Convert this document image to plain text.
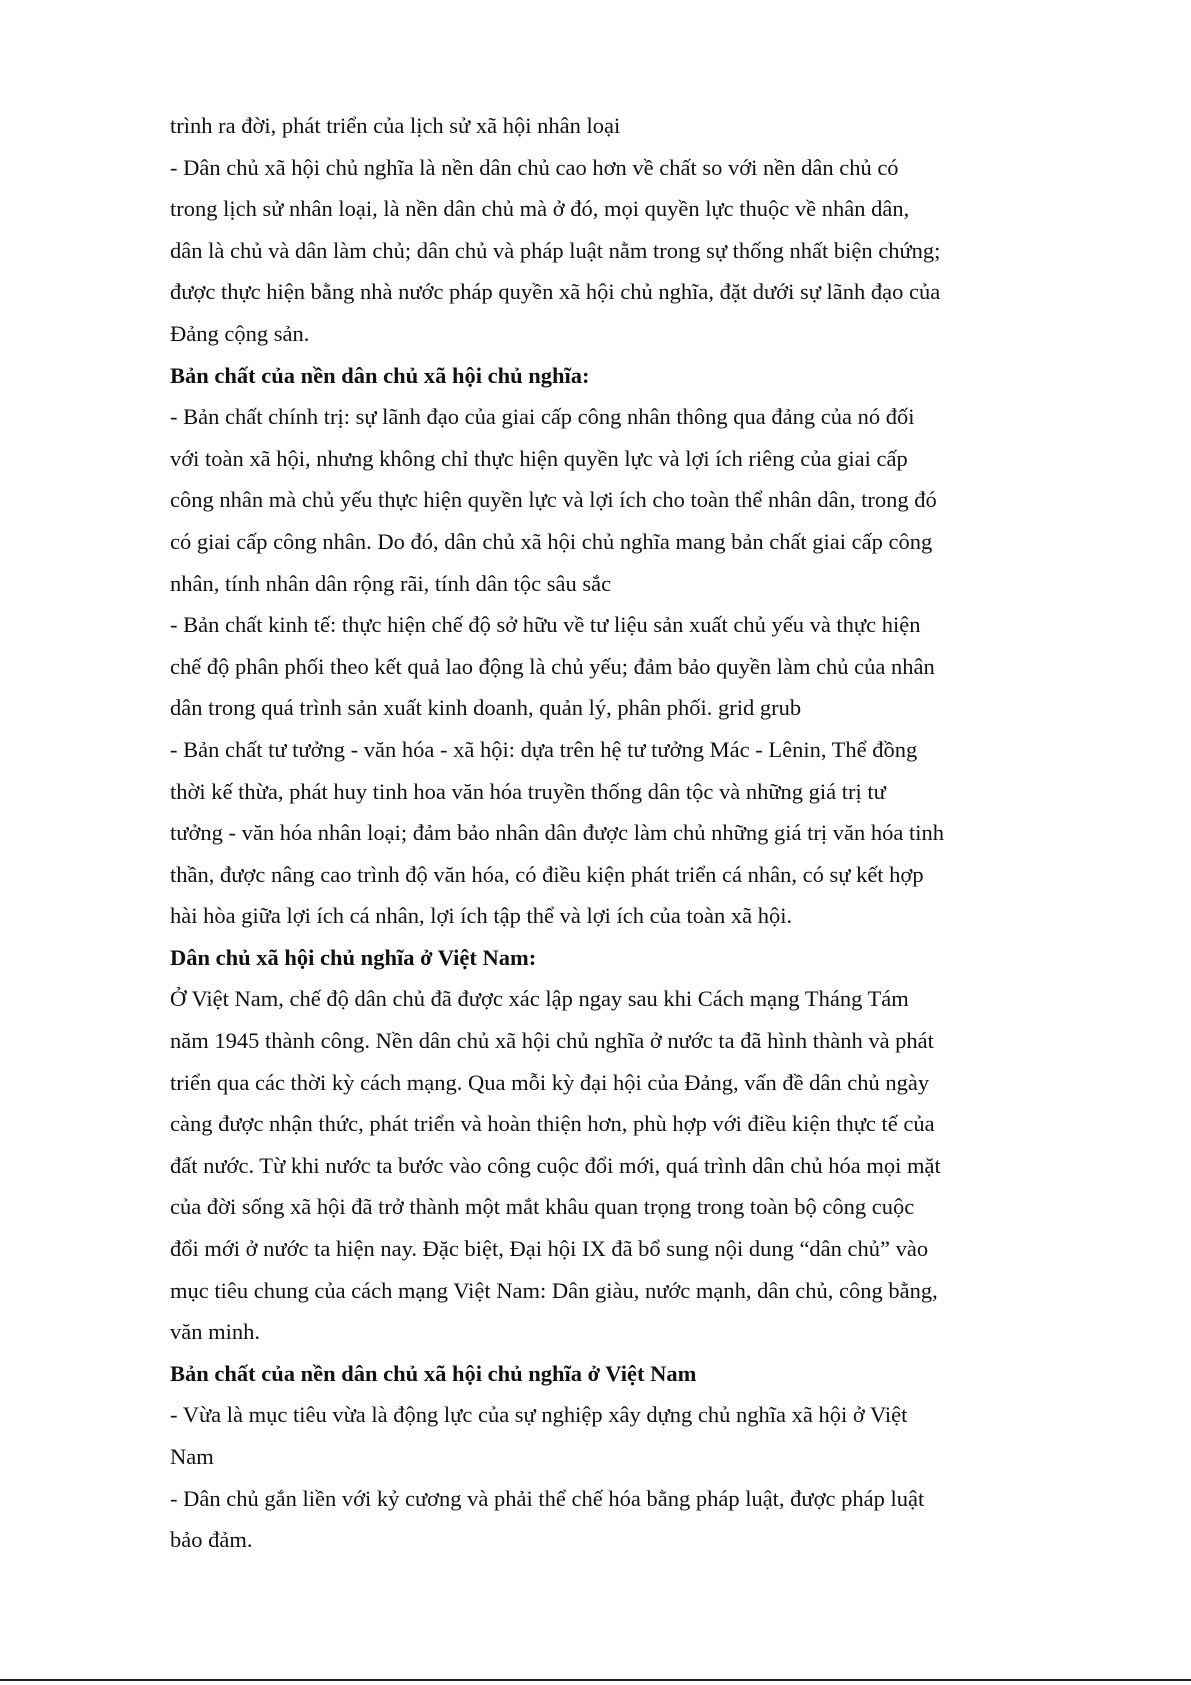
trình ra đời, phát triển của lịch sử xã hội nhân loại
- Dân chủ xã hội chủ nghĩa là nền dân chủ cao hơn về chất so với nền dân chủ có
trong lịch sử nhân loại, là nền dân chủ mà ở đó, mọi quyền lực thuộc về nhân dân,
dân là chủ và dân làm chủ; dân chủ và pháp luật nằm trong sự thống nhất biện chứng;
được thực hiện bằng nhà nước pháp quyền xã hội chủ nghĩa, đặt dưới sự lãnh đạo của
Đảng cộng sản.
Bản chất của nền dân chủ xã hội chủ nghĩa:
- Bản chất chính trị: sự lãnh đạo của giai cấp công nhân thông qua đảng của nó đối
với toàn xã hội, nhưng không chỉ thực hiện quyền lực và lợi ích riêng của giai cấp
công nhân mà chủ yếu thực hiện quyền lực và lợi ích cho toàn thể nhân dân, trong đó
có giai cấp công nhân. Do đó, dân chủ xã hội chủ nghĩa mang bản chất giai cấp công
nhân, tính nhân dân rộng rãi, tính dân tộc sâu sắc
- Bản chất kinh tế: thực hiện chế độ sở hữu về tư liệu sản xuất chủ yếu và thực hiện
chế độ phân phối theo kết quả lao động là chủ yếu; đảm bảo quyền làm chủ của nhân
dân trong quá trình sản xuất kinh doanh, quản lý, phân phối. grid grub
- Bản chất tư tưởng - văn hóa - xã hội: dựa trên hệ tư tưởng Mác - Lênin, Thể đồng
thời kế thừa, phát huy tinh hoa văn hóa truyền thống dân tộc và những giá trị tư
tưởng - văn hóa nhân loại; đảm bảo nhân dân được làm chủ những giá trị văn hóa tinh
thần, được nâng cao trình độ văn hóa, có điều kiện phát triển cá nhân, có sự kết hợp
hài hòa giữa lợi ích cá nhân, lợi ích tập thể và lợi ích của toàn xã hội.
Dân chủ xã hội chủ nghĩa ở Việt Nam:
Ở Việt Nam, chế độ dân chủ đã được xác lập ngay sau khi Cách mạng Tháng Tám
năm 1945 thành công. Nền dân chủ xã hội chủ nghĩa ở nước ta đã hình thành và phát
triển qua các thời kỳ cách mạng. Qua mỗi kỳ đại hội của Đảng, vấn đề dân chủ ngày
càng được nhận thức, phát triển và hoàn thiện hơn, phù hợp với điều kiện thực tế của
đất nước. Từ khi nước ta bước vào công cuộc đổi mới, quá trình dân chủ hóa mọi mặt
của đời sống xã hội đã trở thành một mắt khâu quan trọng trong toàn bộ công cuộc
đổi mới ở nước ta hiện nay. Đặc biệt, Đại hội IX đã bổ sung nội dung “dân chủ” vào
mục tiêu chung của cách mạng Việt Nam: Dân giàu, nước mạnh, dân chủ, công bằng,
văn minh.
Bản chất của nền dân chủ xã hội chủ nghĩa ở Việt Nam
- Vừa là mục tiêu vừa là động lực của sự nghiệp xây dựng chủ nghĩa xã hội ở Việt
Nam
- Dân chủ gắn liền với kỷ cương và phải thể chế hóa bằng pháp luật, được pháp luật
bảo đảm.
